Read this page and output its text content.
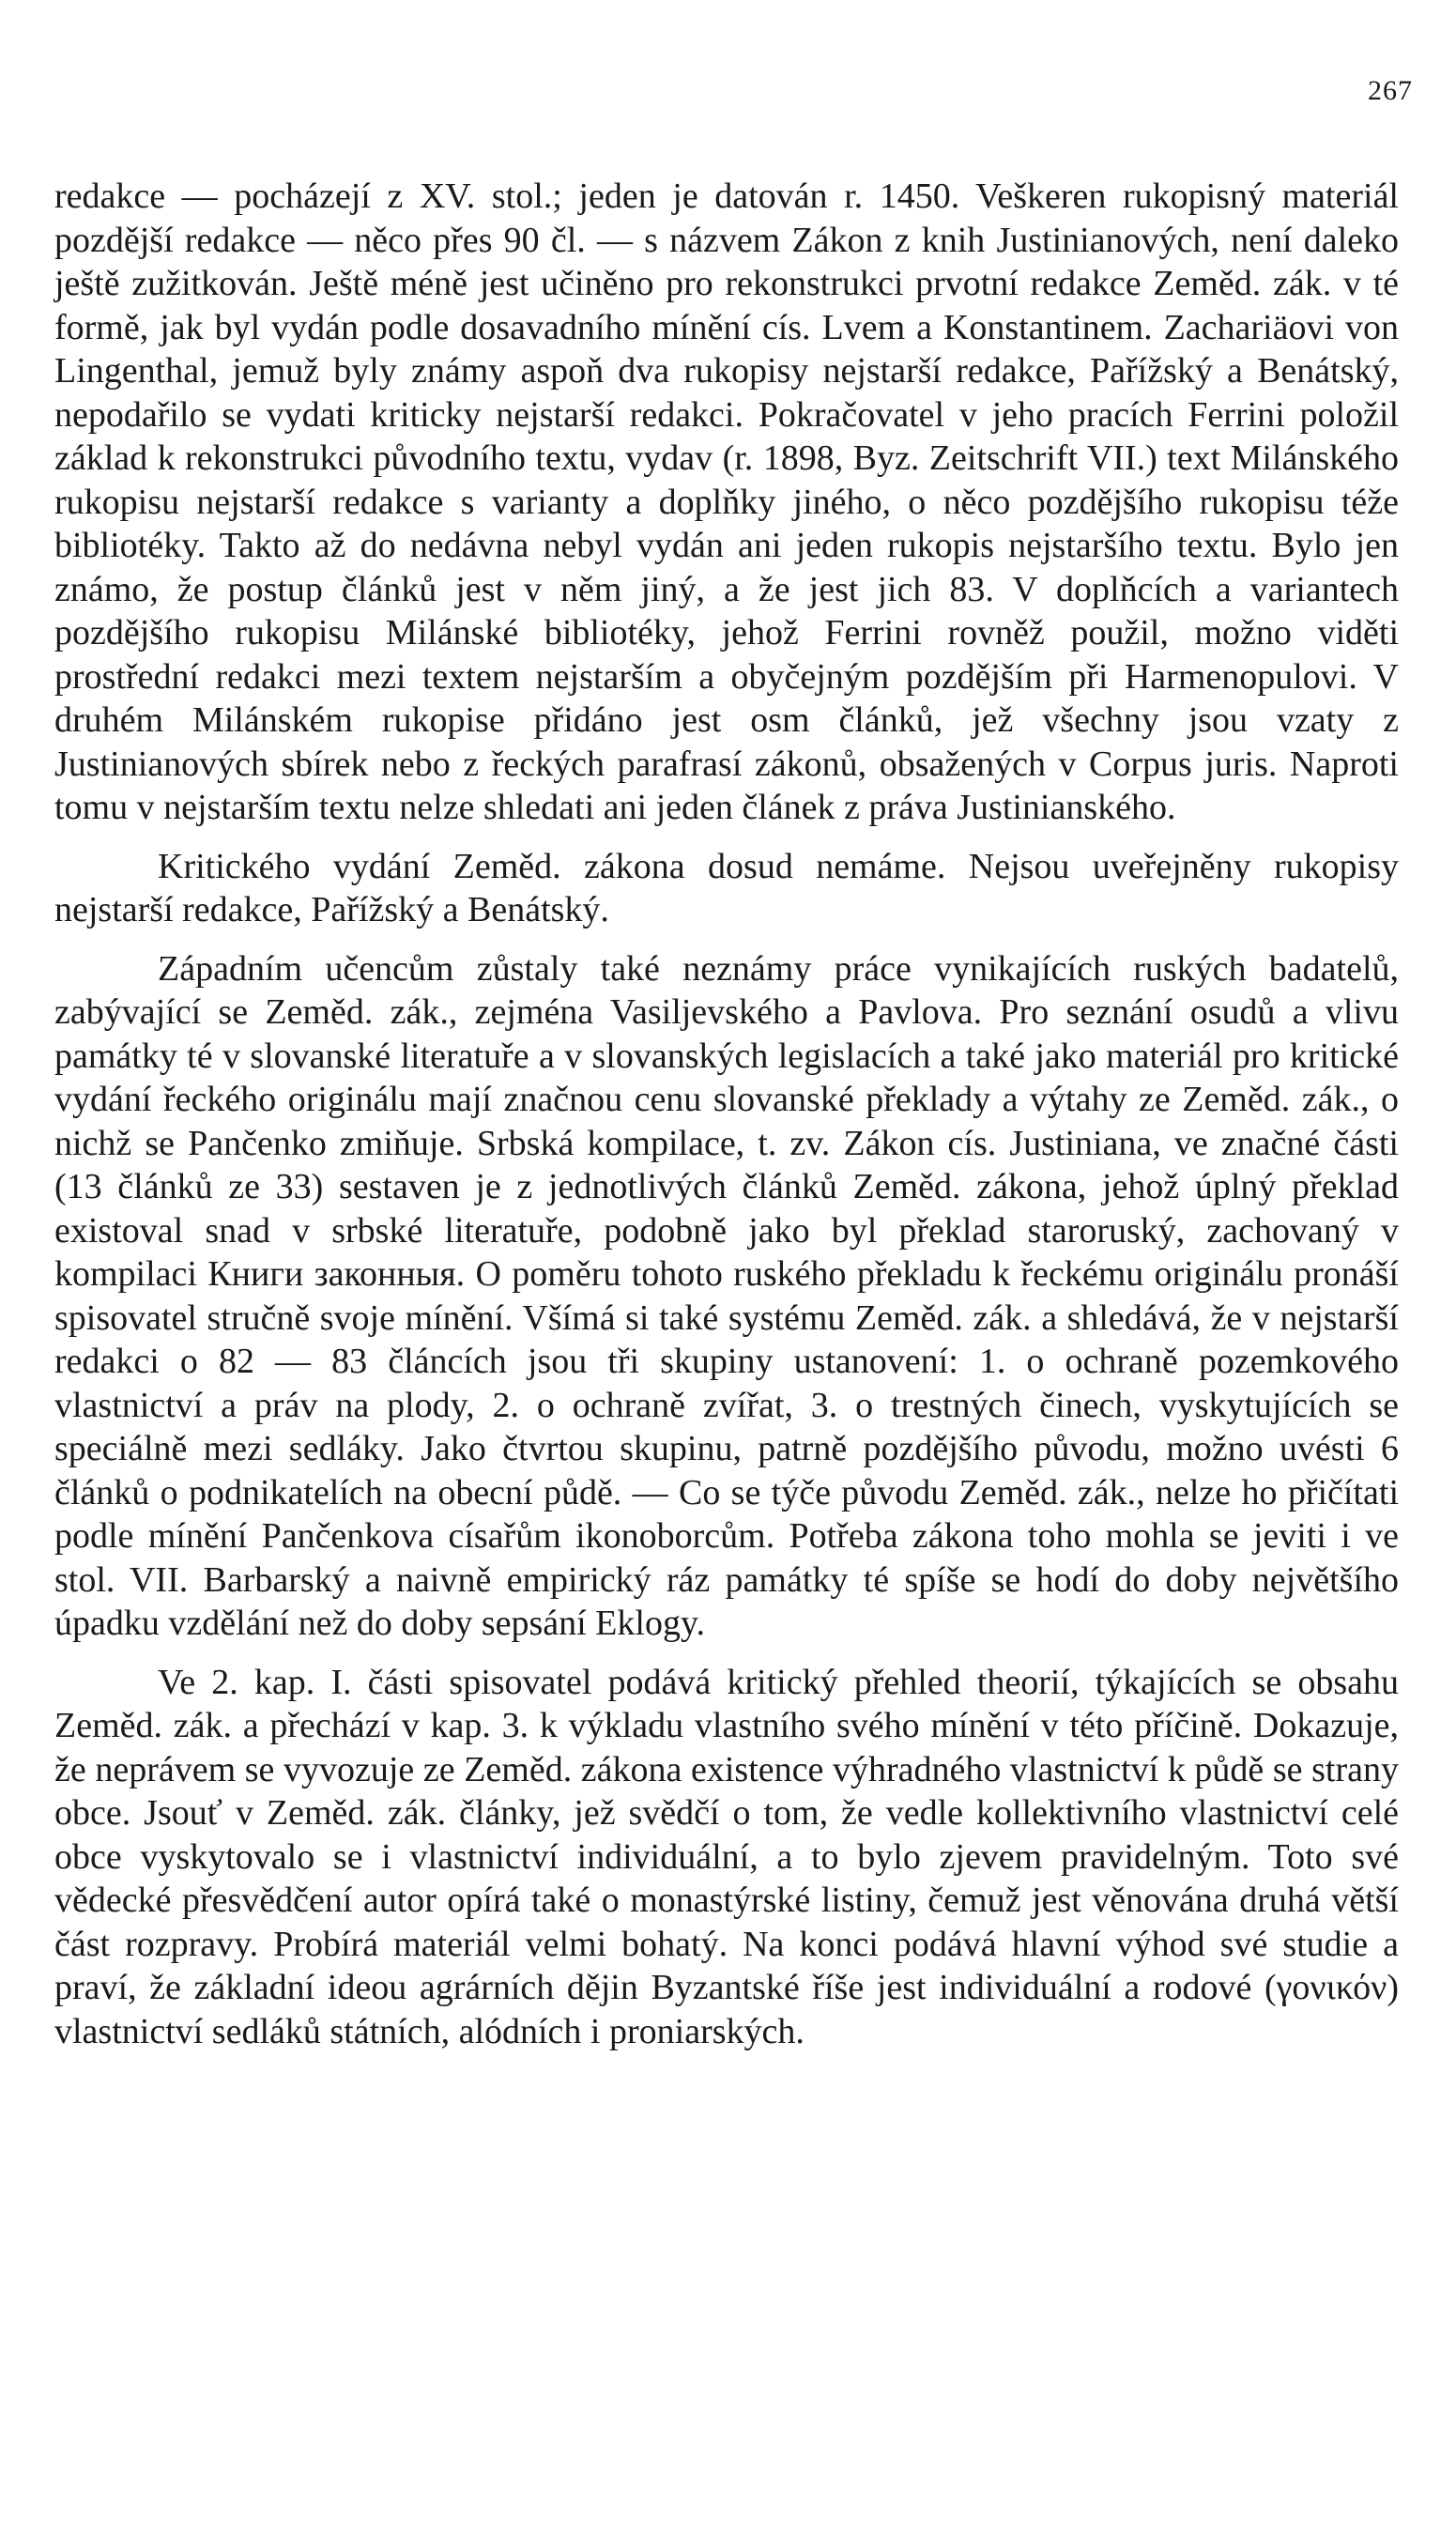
267

redakce — pocházejí z XV. stol.; jeden je datován r. 1450. Veškeren rukopisný materiál pozdější redakce — něco přes 90 čl. — s názvem Zákon z knih Justinianových, není daleko ještě zužitkován. Ještě méně jest učiněno pro rekonstrukci prvotní redakce Zeměd. zák. v té formě, jak byl vydán podle dosavadního mínění cís. Lvem a Konstantinem. Zachariäovi von Lingenthal, jemuž byly známy aspoň dva rukopisy nejstarší redakce, Pařížský a Benátský, nepodařilo se vydati kriticky nejstarší redakci. Pokračovatel v jeho pracích Ferrini položil základ k rekonstrukci původního textu, vydav (r. 1898, Byz. Zeitschrift VII.) text Milánského rukopisu nejstarší redakce s varianty a doplňky jiného, o něco pozdějšího rukopisu téže bibliotéky. Takto až do nedávna nebyl vydán ani jeden rukopis nejstaršího textu. Bylo jen známo, že postup článků jest v něm jiný, a že jest jich 83. V doplňcích a variantech pozdějšího rukopisu Milánské bibliotéky, jehož Ferrini rovněž použil, možno viděti prostřední redakci mezi textem nejstarším a obyčejným pozdějším při Harmenopulovi. V druhém Milánském rukopise přidáno jest osm článků, jež všechny jsou vzaty z Justinianových sbírek nebo z řeckých parafrasí zákonů, obsažených v Corpus juris. Naproti tomu v nejstarším textu nelze shledati ani jeden článek z práva Justinianského.

Kritického vydání Zeměd. zákona dosud nemáme. Nejsou uveřejněny rukopisy nejstarší redakce, Pařížský a Benátský.

Západním učencům zůstaly také neznámy práce vynikajících ruských badatelů, zabývající se Zeměd. zák., zejména Vasiljevského a Pavlova. Pro seznání osudů a vlivu památky té v slovanské literatuře a v slovanských legislacích a také jako materiál pro kritické vydání řeckého originálu mají značnou cenu slovanské překlady a výtahy ze Zeměd. zák., o nichž se Pančenko zmiňuje. Srbská kompilace, t. zv. Zákon cís. Justiniana, ve značné části (13 článků ze 33) sestaven je z jednotlivých článků Zeměd. zákona, jehož úplný překlad existoval snad v srbské literatuře, podobně jako byl překlad staroruský, zachovaný v kompilaci Книги законныя. O poměru tohoto ruského překladu k řeckému originálu pronáší spisovatel stručně svoje mínění. Všímá si také systému Zeměd. zák. a shledává, že v nejstarší redakci o 82 — 83 článcích jsou tři skupiny ustanovení: 1. o ochraně pozemkového vlastnictví a práv na plody, 2. o ochraně zvířat, 3. o trestných činech, vyskytujících se speciálně mezi sedláky. Jako čtvrtou skupinu, patrně pozdějšího původu, možno uvésti 6 článků o podnikatelích na obecní půdě. — Co se týče původu Zeměd. zák., nelze ho přičítati podle mínění Pančenkova císařům ikonoborcům. Potřeba zákona toho mohla se jeviti i ve stol. VII. Barbarský a naivně empirický ráz památky té spíše se hodí do doby největšího úpadku vzdělání než do doby sepsání Eklogy.

Ve 2. kap. I. části spisovatel podává kritický přehled theorií, týkajících se obsahu Zeměd. zák. a přechází v kap. 3. k výkladu vlastního svého mínění v této příčině. Dokazuje, že neprávem se vyvozuje ze Zeměd. zákona existence výhradného vlastnictví k půdě se strany obce. Jsouť v Zeměd. zák. články, jež svědčí o tom, že vedle kollektivního vlastnictví celé obce vyskytovalo se i vlastnictví individuální, a to bylo zjevem pravidelným. Toto své vědecké přesvědčení autor opírá také o monastýrské listiny, čemuž jest věnována druhá větší část rozpravy. Probírá materiál velmi bohatý. Na konci podává hlavní výhod své studie a praví, že základní ideou agrárních dějin Byzantské říše jest individuální a rodové (γονικόν) vlastnictví sedláků státních, alódních i proniarských.
